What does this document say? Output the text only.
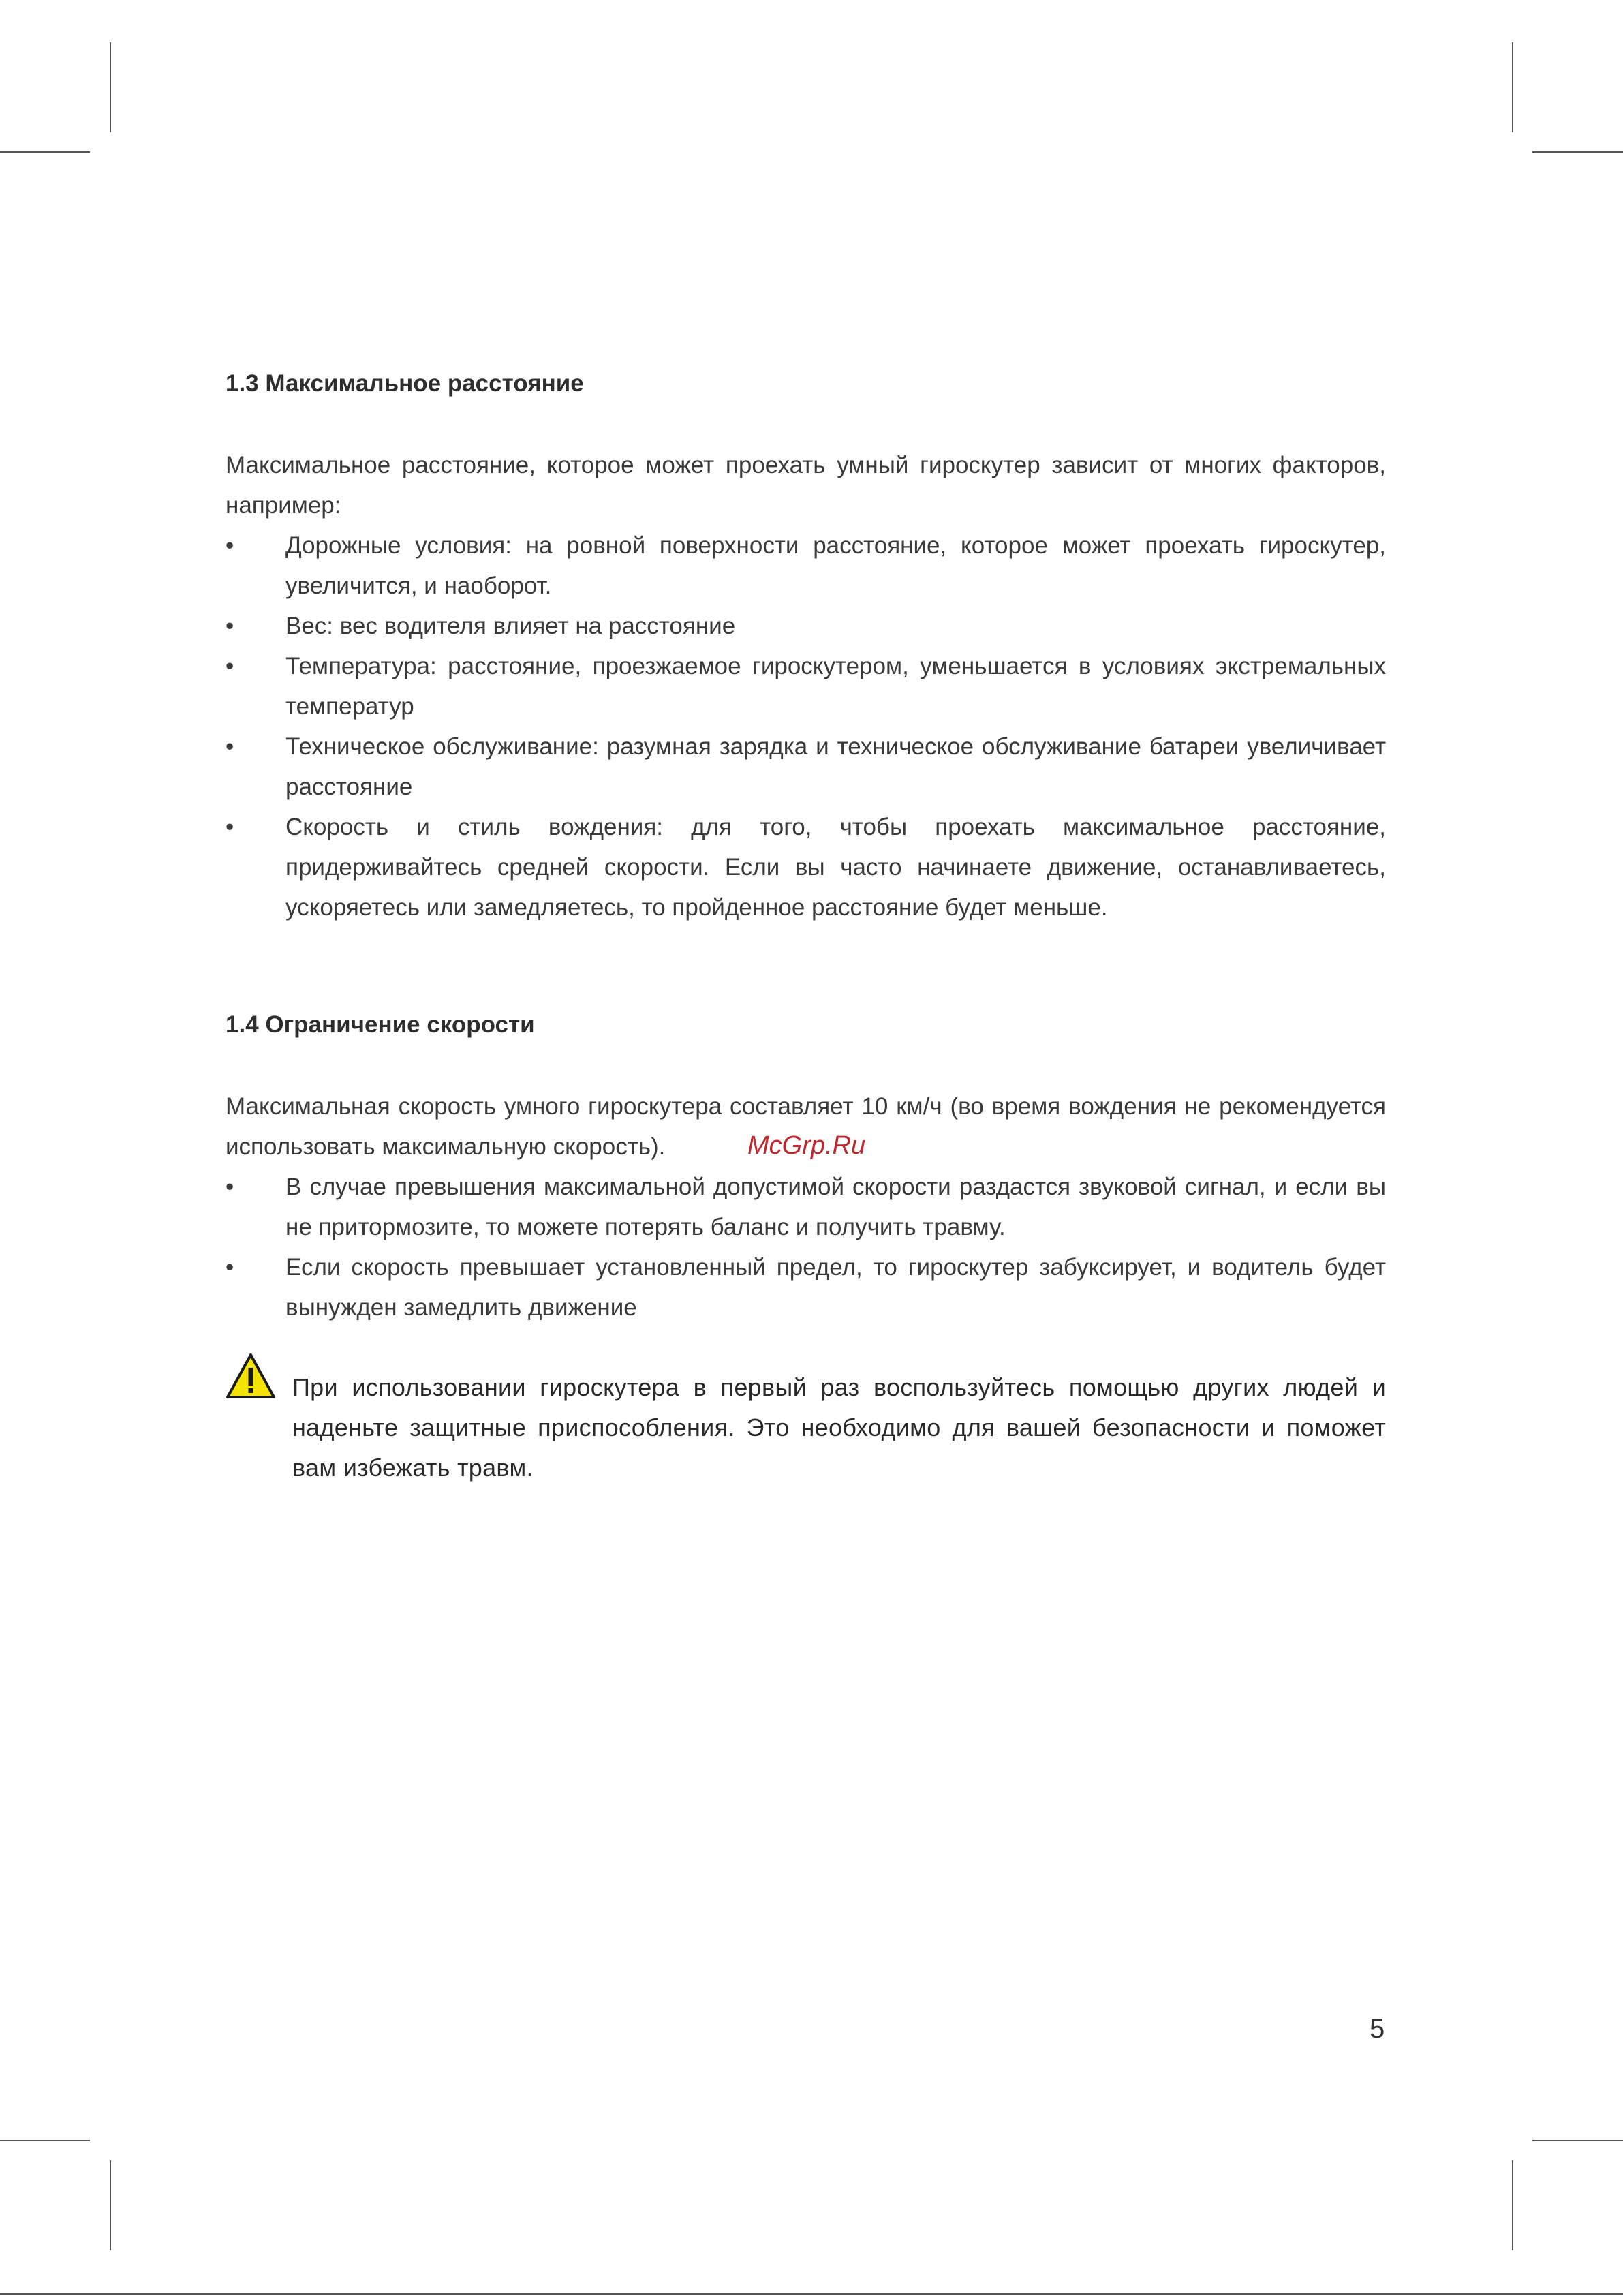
1.3 Максимальное расстояние
Максимальное расстояние, которое может проехать умный гироскутер зависит от многих факторов, например:
• Дорожные условия: на ровной поверхности расстояние, которое может проехать гироскутер, увеличится, и наоборот.
• Вес: вес водителя влияет на расстояние
• Температура: расстояние, проезжаемое гироскутером, уменьшается в условиях экстремальных температур
• Техническое обслуживание: разумная зарядка и техническое обслуживание батареи увеличивает расстояние
• Скорость и стиль вождения: для того, чтобы проехать максимальное расстояние, придерживайтесь средней скорости. Если вы часто начинаете движение, останавливаетесь, ускоряетесь или замедляетесь, то пройденное расстояние будет меньше.
1.4 Ограничение скорости
Максимальная скорость умного гироскутера составляет 10 км/ч (во время вождения не рекомендуется использовать максимальную скорость).
• В случае превышения максимальной допустимой скорости раздастся звуковой сигнал, и если вы не притормозите, то можете потерять баланс и получить травму.
• Если скорость превышает установленный предел, то гироскутер забуксирует, и водитель будет вынужден замедлить движение
При использовании гироскутера в первый раз воспользуйтесь помощью других людей и наденьте защитные приспособления. Это необходимо для вашей безопасности и поможет вам избежать травм.
McGrp.Ru
5
